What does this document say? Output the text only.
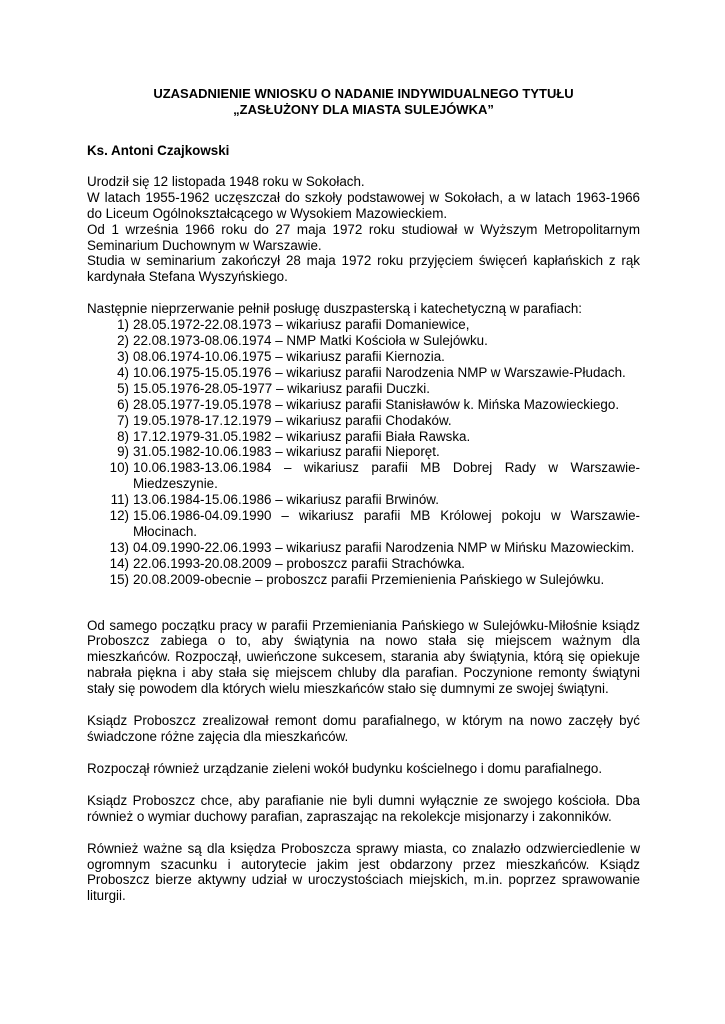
UZASADNIENIE WNIOSKU O NADANIE INDYWIDUALNEGO TYTUŁU
„ZASŁUŻONY DLA MIASTA SULEJÓWKA”
Ks. Antoni Czajkowski

Urodził się 12 listopada 1948 roku w Sokołach.

W latach 1955-1962 uczęszczał do szkoły podstawowej w Sokołach, a w latach 1963-1966 do Liceum Ogólnokształcącego w Wysokiem Mazowieckiem.

Od 1 września 1966 roku do 27 maja 1972 roku studiował w Wyższym Metropolitarnym Seminarium Duchownym w Warszawie.

Studia w seminarium zakończył 28 maja 1972 roku przyjęciem święceń kapłańskich z rąk kardynała Stefana Wyszyńskiego.

Następnie nieprzerwanie pełnił posługę duszpasterską i katechetyczną w parafiach:
1) 28.05.1972-22.08.1973 – wikariusz parafii Domaniewice,
2) 22.08.1973-08.06.1974 – NMP Matki Kościoła w Sulejówku.
3) 08.06.1974-10.06.1975 – wikariusz parafii Kiernozia.
4) 10.06.1975-15.05.1976 – wikariusz parafii Narodzenia NMP w Warszawie-Płudach.
5) 15.05.1976-28.05-1977 – wikariusz parafii Duczki.
6) 28.05.1977-19.05.1978 – wikariusz parafii Stanisławów k. Mińska Mazowieckiego.
7) 19.05.1978-17.12.1979 – wikariusz parafii Chodaków.
8) 17.12.1979-31.05.1982 – wikariusz parafii Biała Rawska.
9) 31.05.1982-10.06.1983 – wikariusz parafii Nieporęt.
10) 10.06.1983-13.06.1984 – wikariusz parafii MB Dobrej Rady w Warszawie-Miedzeszynie.
11) 13.06.1984-15.06.1986 – wikariusz parafii Brwinów.
12) 15.06.1986-04.09.1990 – wikariusz parafii MB Królowej pokoju w Warszawie-Młocinach.
13) 04.09.1990-22.06.1993 – wikariusz parafii Narodzenia NMP w Mińsku Mazowieckim.
14) 22.06.1993-20.08.2009 – proboszcz parafii Strachówka.
15) 20.08.2009-obecnie – proboszcz parafii Przemienienia Pańskiego w Sulejówku.

Od samego początku pracy w parafii Przemieniania Pańskiego w Sulejówku-Miłośnie ksiądz Proboszcz zabiega o to, aby świątynia na nowo stała się miejscem ważnym dla mieszkańców. Rozpoczął, uwieńczone sukcesem, starania aby świątynia, którą się opiekuje nabrała piękna i aby stała się miejscem chluby dla parafian. Poczynione remonty świątyni stały się powodem dla których wielu mieszkańców stało się dumnymi ze swojej świątyni.

Ksiądz Proboszcz zrealizował remont domu parafialnego, w którym na nowo zaczęły być świadczone różne zajęcia dla mieszkańców.

Rozpoczął również urządzanie zieleni wokół budynku kościelnego i domu parafialnego.

Ksiądz Proboszcz chce, aby parafianie nie byli dumni wyłącznie ze swojego kościoła. Dba również o wymiar duchowy parafian, zapraszając na rekolekcje misjonarzy i zakonników.

Również ważne są dla księdza Proboszcza sprawy miasta, co znalazło odzwierciedlenie w ogromnym szacunku i autorytecie jakim jest obdarzony przez mieszkańców. Ksiądz Proboszcz bierze aktywny udział w uroczystościach miejskich, m.in. poprzez sprawowanie liturgii.
